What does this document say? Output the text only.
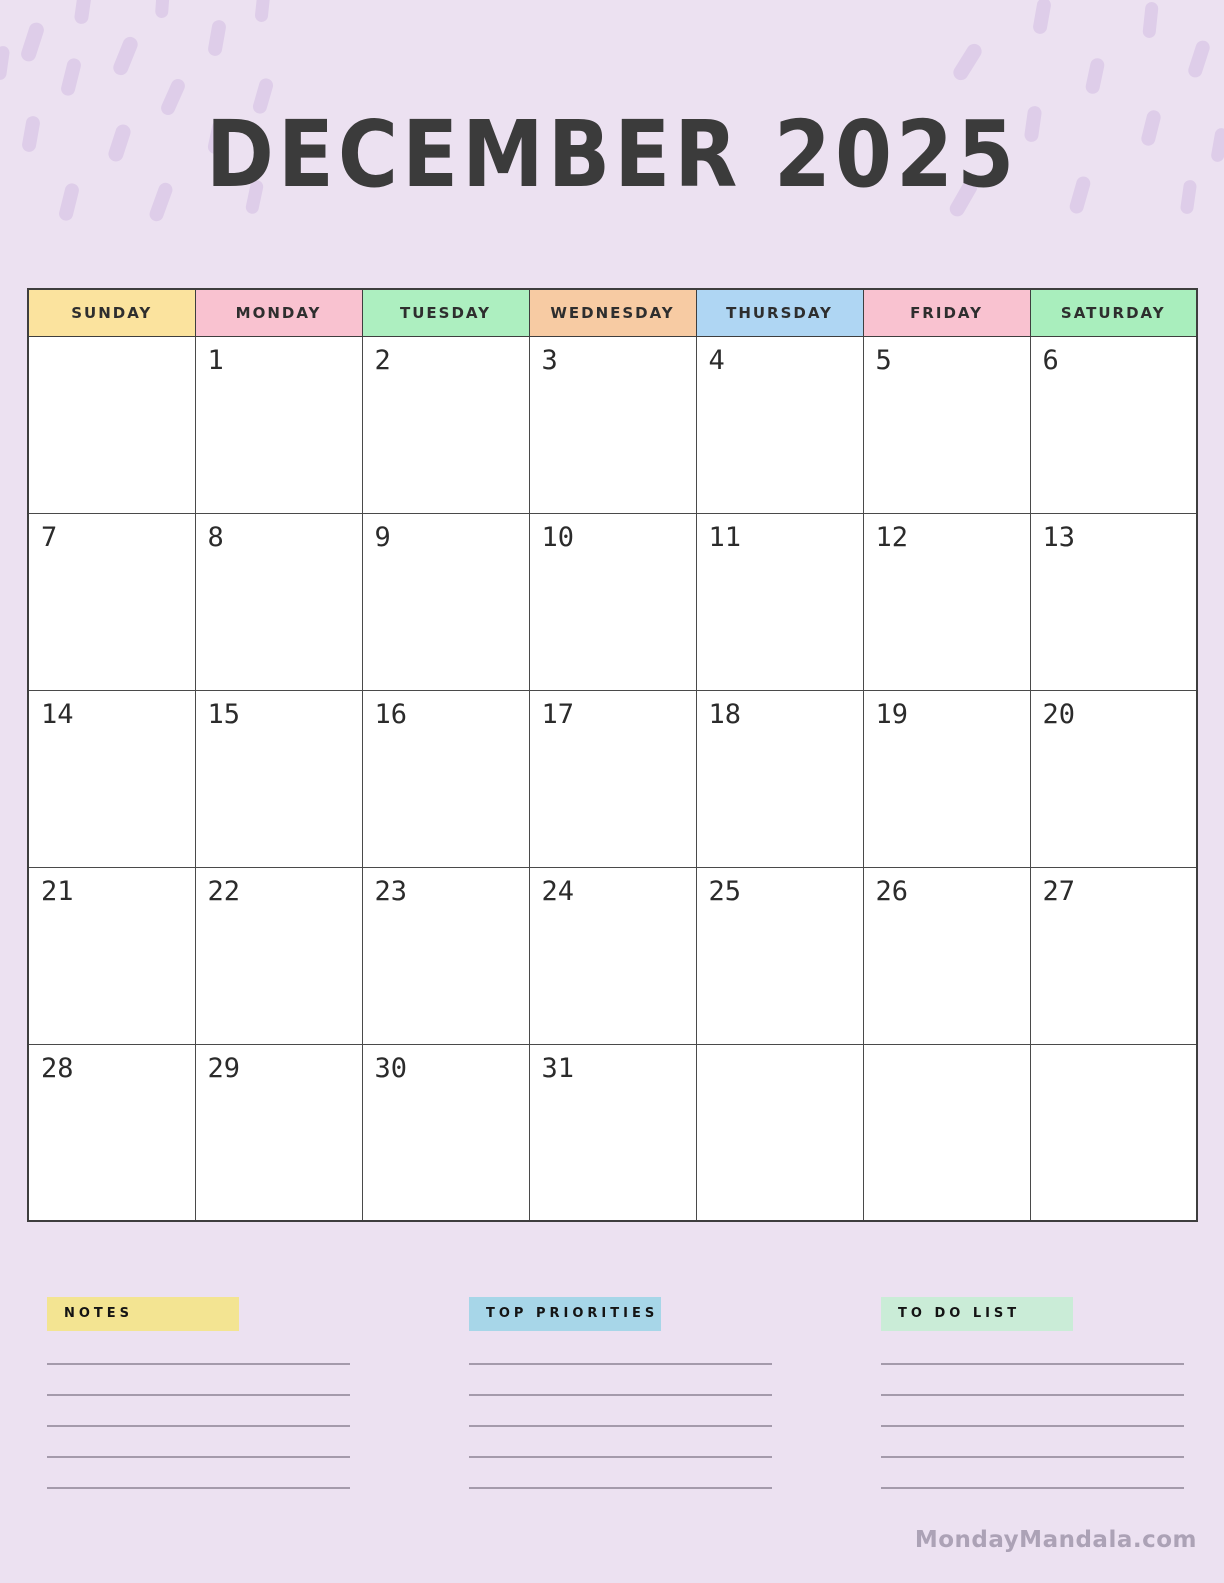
DECEMBER 2025
SUNDAY	MONDAY	TUESDAY	WEDNESDAY	THURSDAY	FRIDAY	SATURDAY
	1	2	3	4	5	6
7	8	9	10	11	12	13
14	15	16	17	18	19	20
21	22	23	24	25	26	27
28	29	30	31			
NOTES	TOP PRIORITIES	TO DO LIST
MondayMandala.com
